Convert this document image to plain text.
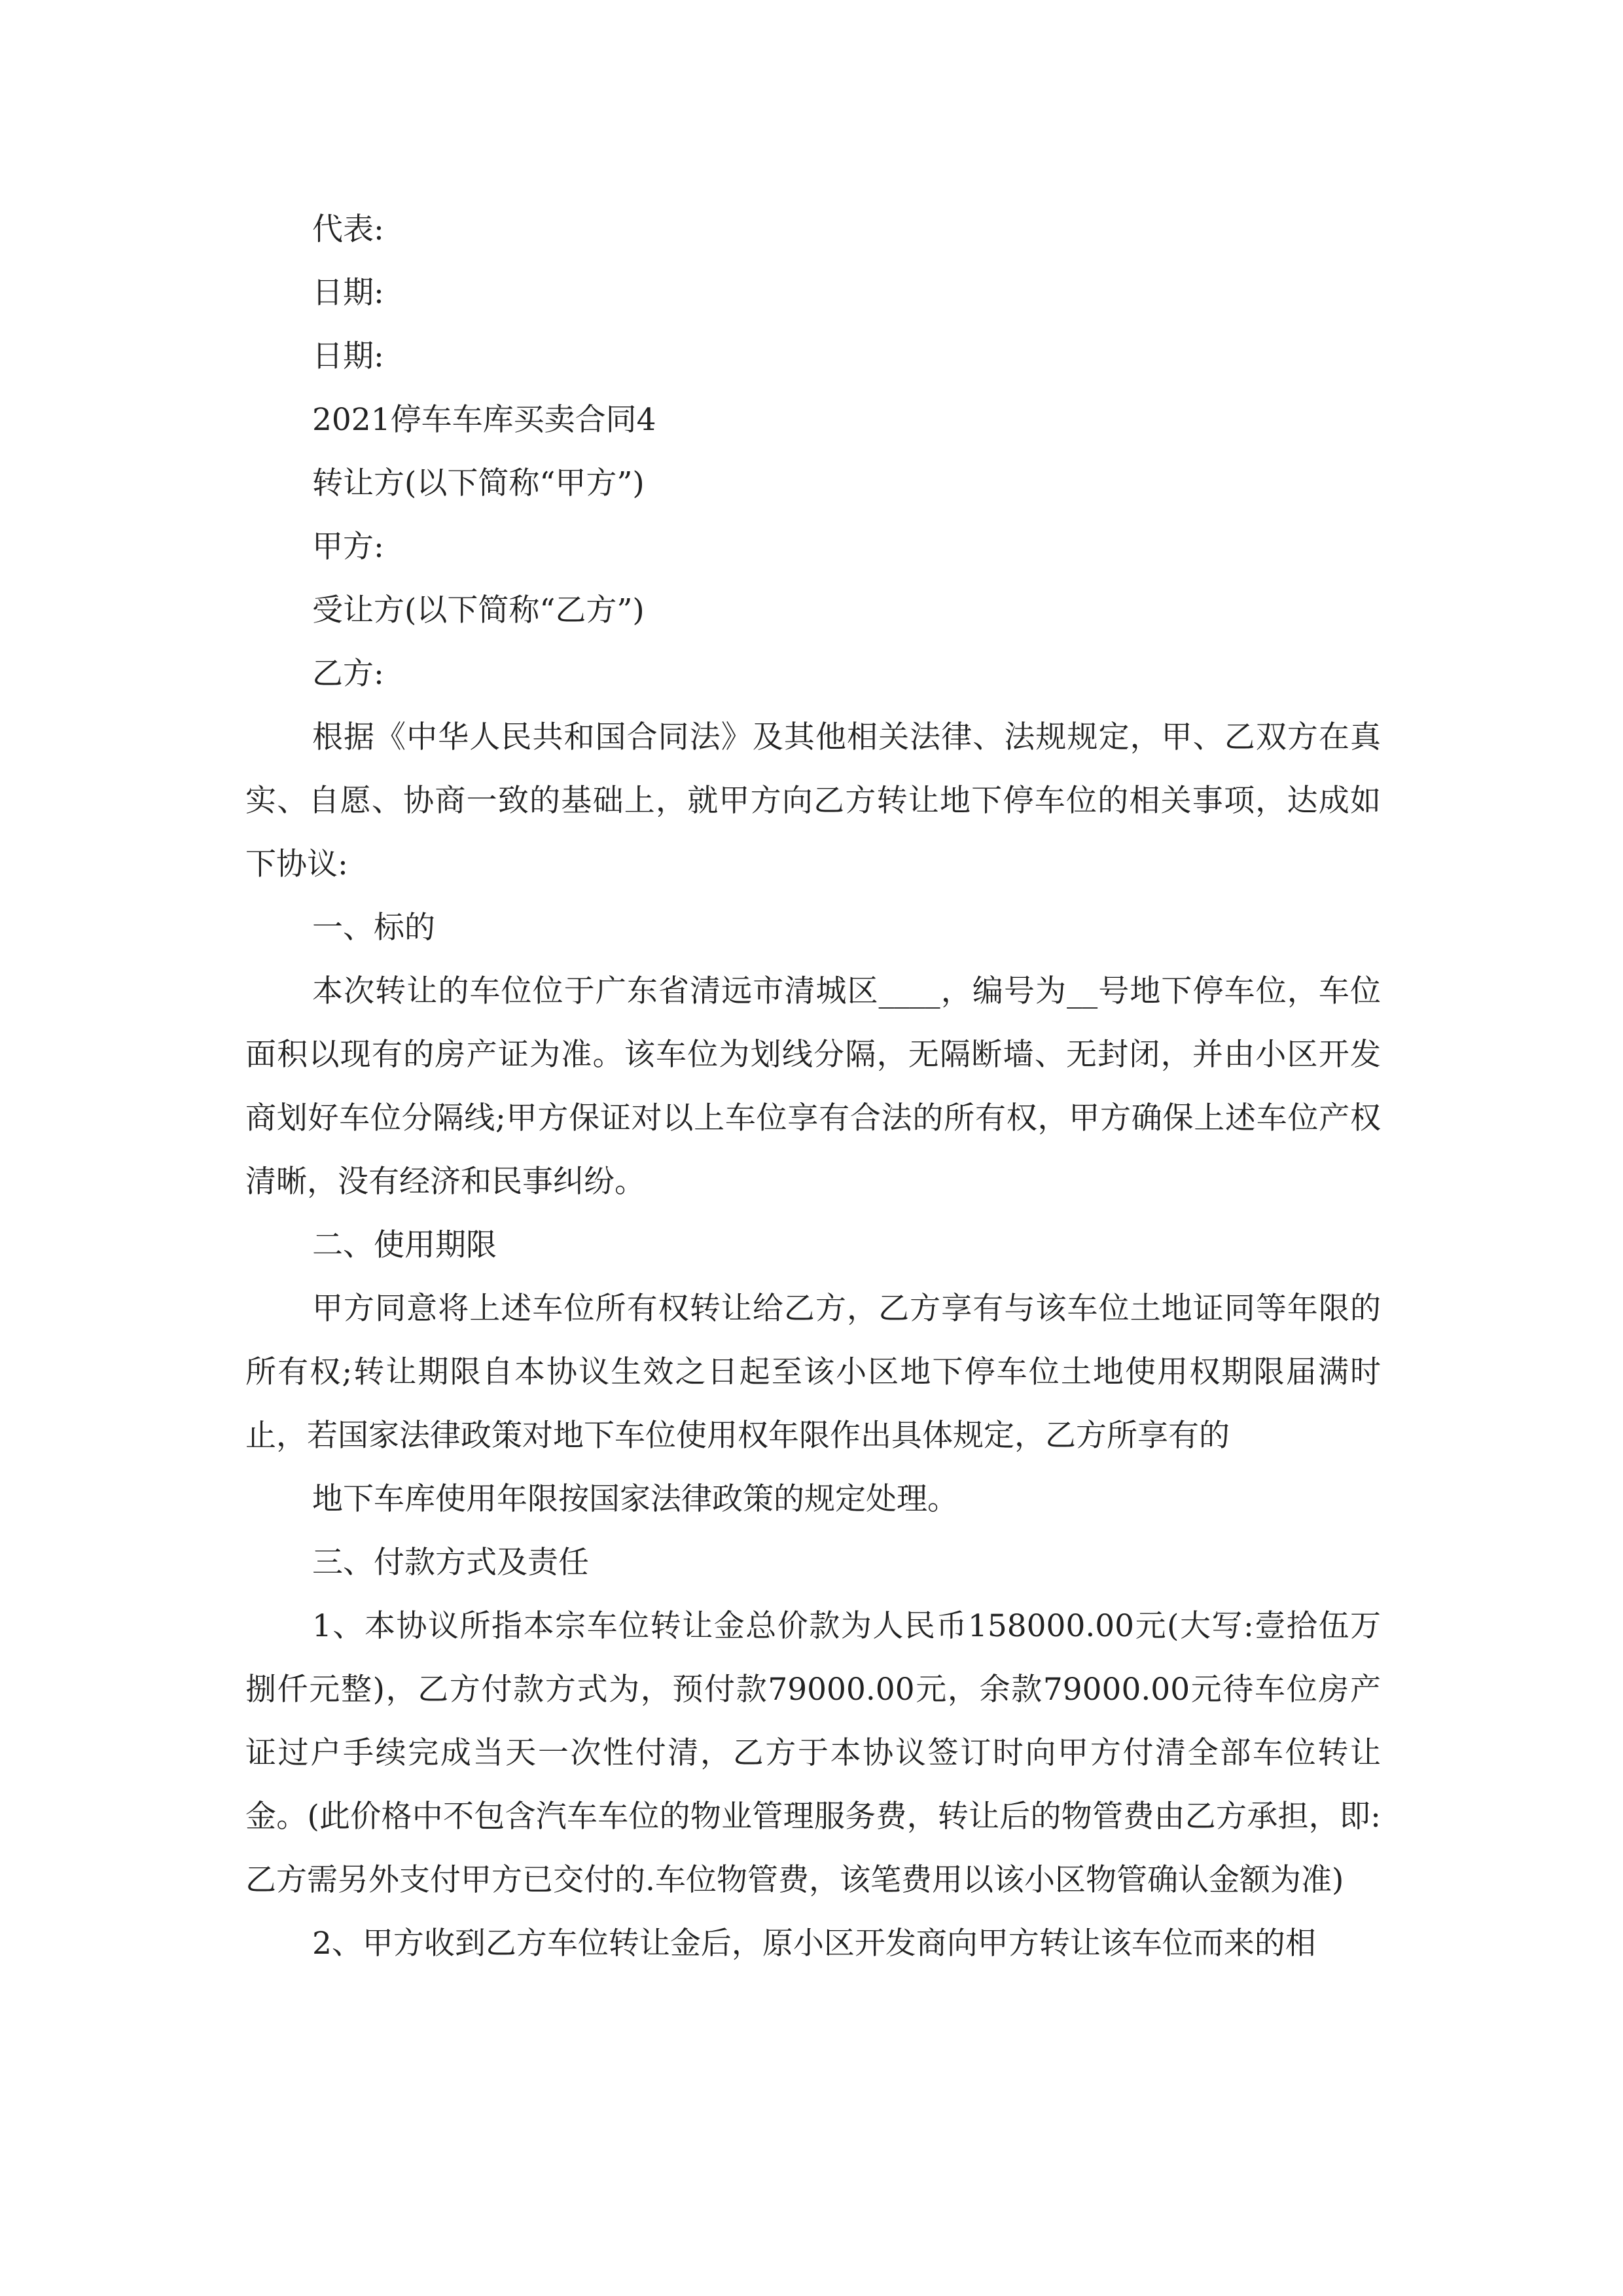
代表:

日期:

日期:

2021停车车库买卖合同4

转让方(以下简称“甲方”)

甲方:

受让方(以下简称“乙方”)

乙方:

根据《中华人民共和国合同法》及其他相关法律、法规规定，甲、乙双方在真实、自愿、协商一致的基础上，就甲方向乙方转让地下停车位的相关事项，达成如下协议:

一、标的

本次转让的车位位于广东省清远市清城区____，编号为__号地下停车位，车位面积以现有的房产证为准。该车位为划线分隔，无隔断墙、无封闭，并由小区开发商划好车位分隔线;甲方保证对以上车位享有合法的所有权，甲方确保上述车位产权清晰，没有经济和民事纠纷。

二、使用期限

甲方同意将上述车位所有权转让给乙方，乙方享有与该车位土地证同等年限的所有权;转让期限自本协议生效之日起至该小区地下停车位土地使用权期限届满时止，若国家法律政策对地下车位使用权年限作出具体规定，乙方所享有的

地下车库使用年限按国家法律政策的规定处理。

三、付款方式及责任

1、本协议所指本宗车位转让金总价款为人民币158000.00元(大写:壹拾伍万捌仟元整)，乙方付款方式为，预付款79000.00元，余款79000.00元待车位房产证过户手续完成当天一次性付清，乙方于本协议签订时向甲方付清全部车位转让金。(此价格中不包含汽车车位的物业管理服务费，转让后的物管费由乙方承担，即:乙方需另外支付甲方已交付的.车位物管费，该笔费用以该小区物管确认金额为准)

2、甲方收到乙方车位转让金后，原小区开发商向甲方转让该车位而来的相
